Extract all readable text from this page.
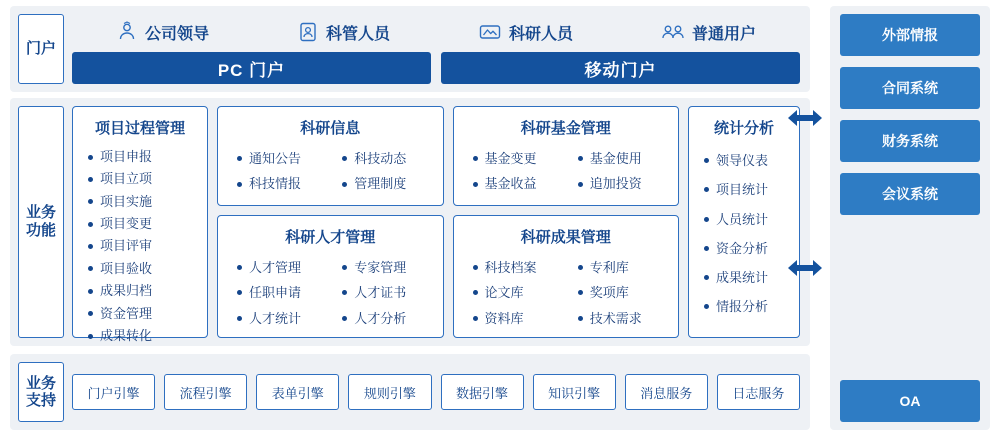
门户
公司领导	科管人员	科研人员	普通用户
PC 门户	移动门户
业务功能
项目过程管理
项目申报
项目立项
项目实施
项目变更
项目评审
项目验收
成果归档
资金管理
成果转化
科研信息
通知公告
科技情报
科技动态
管理制度
科研基金管理
基金变更
基金收益
基金使用
追加投资
科研人才管理
人才管理
任职申请
人才统计
专家管理
人才证书
人才分析
科研成果管理
科技档案
论文库
资料库
专利库
奖项库
技术需求
统计分析
领导仪表
项目统计
人员统计
资金分析
成果统计
情报分析
业务支持	门户引擎	流程引擎	表单引擎	规则引擎	数据引擎	知识引擎	消息服务	日志服务
外部情报
合同系统
财务系统
会议系统
OA
